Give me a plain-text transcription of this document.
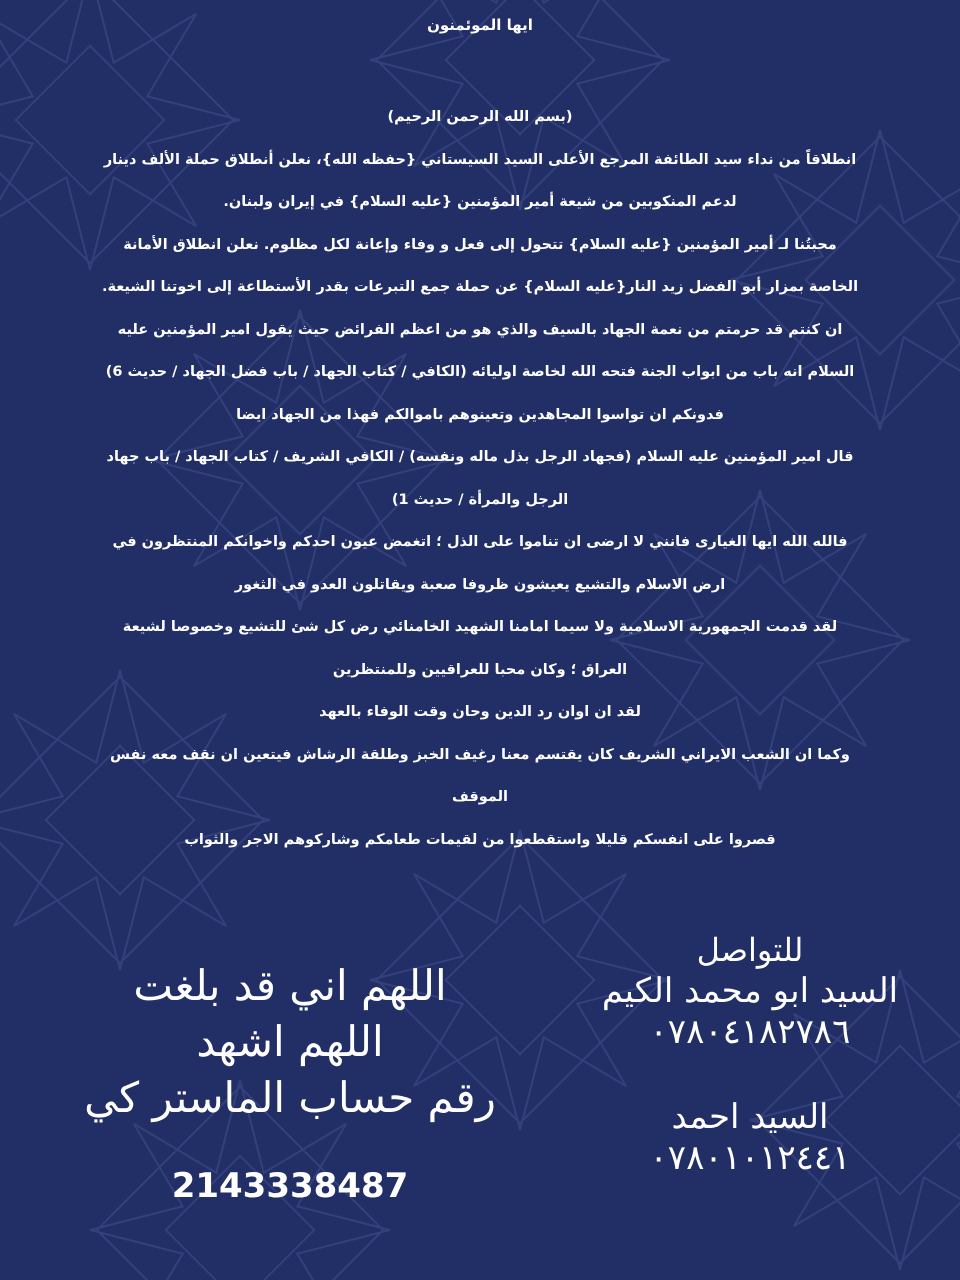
ايها الموئمنون

(بسم الله الرحمن الرحيم)

انطلاقاً من نداء سيد الطائفة المرجع الأعلى السيد السيستاني {حفظه الله}، نعلن أنطلاق حملة الألف دينار

لدعم المنكوبين من شيعة أمير المؤمنين {عليه السلام} في إيران ولبنان.

محبتُنا لـ أمير المؤمنين {عليه السلام} تتحول إلى فعل و وفاء وإعانة لكل مظلوم. نعلن انطلاق الأمانة

الخاصة بمزار أبو الفضل زيد النار{عليه السلام} عن حملة جمع التبرعات بقدر الأستطاعة إلى اخوتنا الشيعة.

ان كنتم قد حرمتم من نعمة الجهاد بالسيف والذي هو من اعظم الفرائض حيث يقول امير المؤمنين عليه

السلام انه باب من ابواب الجنة فتحه الله لخاصة اوليائه (الكافي / كتاب الجهاد / باب فضل الجهاد / حديث 6)

فدونكم ان تواسوا المجاهدين وتعينوهم باموالكم فهذا من الجهاد ايضا

قال امير المؤمنين عليه السلام (فجهاد الرجل بذل ماله ونفسه) / الكافي الشريف / كتاب الجهاد / باب جهاد

الرجل والمرأة / حديث 1)

فالله الله ايها الغيارى فانني لا ارضى ان تناموا على الذل ؛ اتغمض عيون احدكم واخوانكم المنتظرون في

ارض الاسلام والتشيع يعيشون ظروفا صعبة ويقاتلون العدو في الثغور

لقد قدمت الجمهورية الاسلامية ولا سيما امامنا الشهيد الخامنائي رض كل شئ للتشيع وخصوصا لشيعة

العراق ؛ وكان محبا للعراقيين وللمنتظرين

لقد ان اوان رد الدين وحان وقت الوفاء بالعهد

وكما ان الشعب الايراني الشريف كان يقتسم معنا رغيف الخبز وطلقة الرشاش فيتعين ان نقف معه نفس

الموقف

قصروا على انفسكم قليلا واستقطعوا من لقيمات طعامكم وشاركوهم الاجر والثواب

للتواصل

السيد ابو محمد الكيم

٠٧٨٠٤١٨٢٧٨٦

السيد احمد

٠٧٨٠١٠١٢٤٤١

اللهم اني قد بلغت

اللهم اشهد

رقم حساب الماستر كي

2143338487
